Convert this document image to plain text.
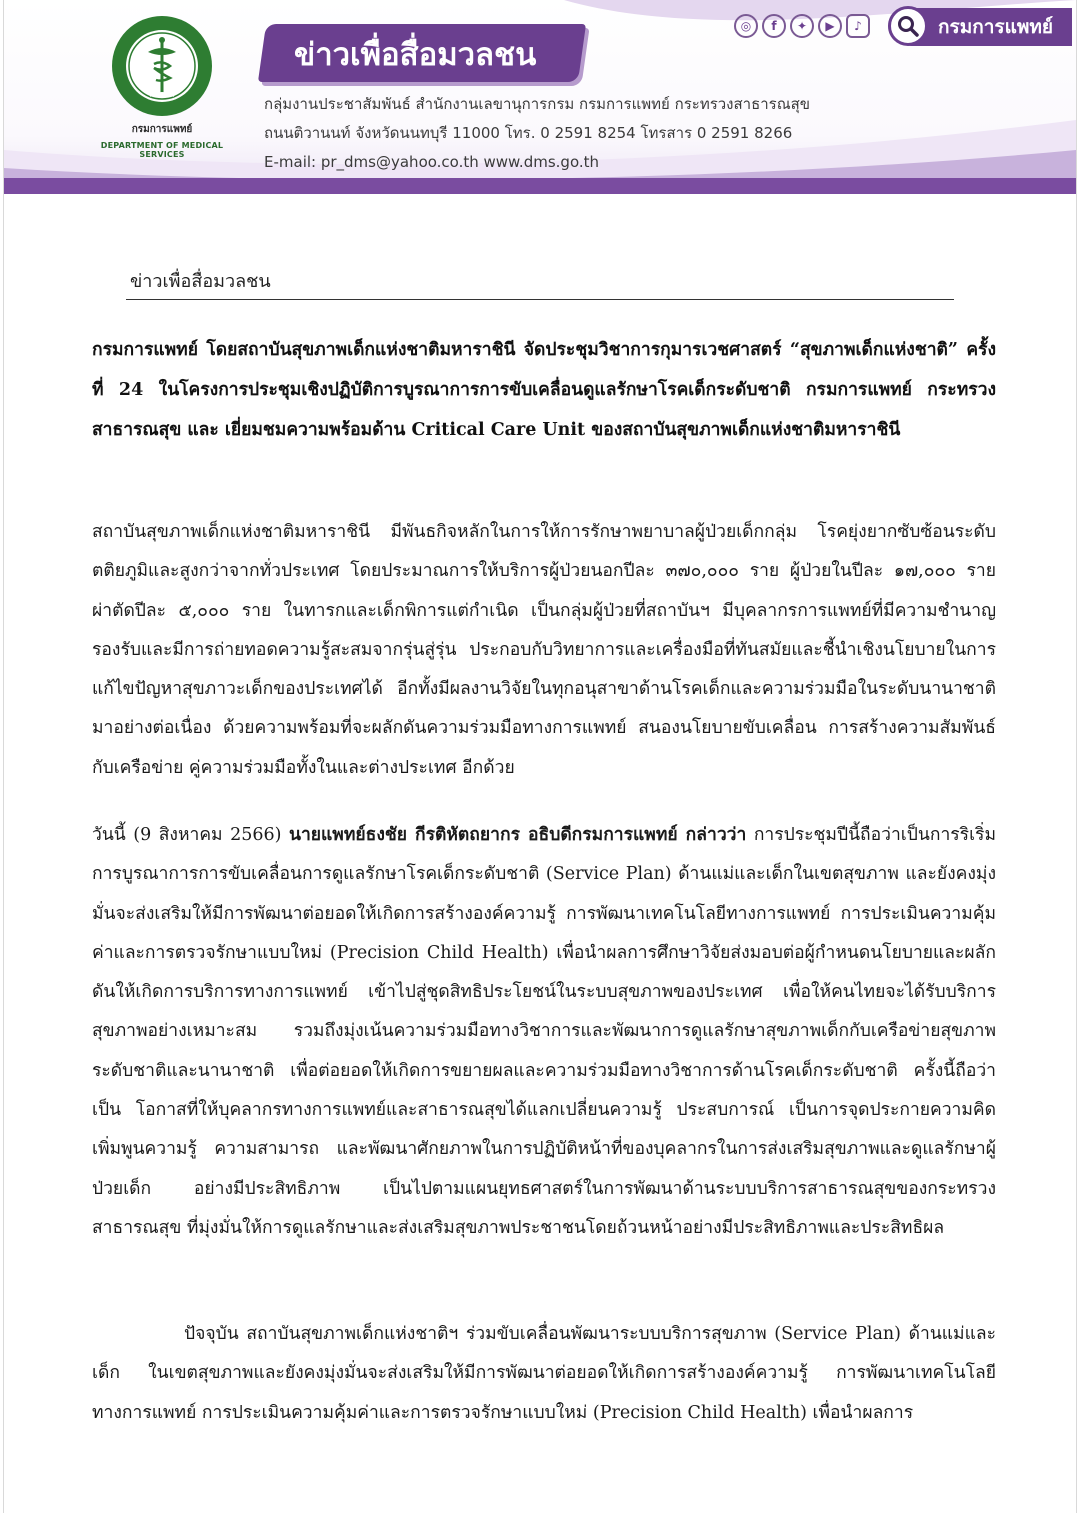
กรมการแพทย์
DEPARTMENT OF MEDICAL SERVICES
ข่าวเพื่อสื่อมวลชน
กลุ่มงานประชาสัมพันธ์ สำนักงานเลขานุการกรม กรมการแพทย์ กระทรวงสาธารณสุข
ถนนติวานนท์ จังหวัดนนทบุรี 11000 โทร. 0 2591 8254 โทรสาร 0 2591 8266
E-mail: pr_dms@yahoo.co.th www.dms.go.th
◎	f	✦	▶	♪	กรมการแพทย์
ข่าวเพื่อสื่อมวลชน
กรมการแพทย์ โดยสถาบันสุขภาพเด็กแห่งชาติมหาราชินี จัดประชุมวิชาการกุมารเวชศาสตร์ “สุขภาพเด็กแห่งชาติ” ครั้งที่ 24 ในโครงการประชุมเชิงปฏิบัติการบูรณาการการขับเคลื่อนดูแลรักษาโรคเด็กระดับชาติ กรมการแพทย์ กระทรวงสาธารณสุข และ เยี่ยมชมความพร้อมด้าน Critical Care Unit ของสถาบันสุขภาพเด็กแห่งชาติมหาราชินี
สถาบันสุขภาพเด็กแห่งชาติมหาราชินี มีพันธกิจหลักในการให้การรักษาพยาบาลผู้ป่วยเด็กกลุ่ม โรคยุ่งยากซับซ้อนระดับตติยภูมิและสูงกว่าจากทั่วประเทศ โดยประมาณการให้บริการผู้ป่วยนอกปีละ ๓๗๐,๐๐๐ ราย ผู้ป่วยในปีละ ๑๗,๐๐๐ ราย ผ่าตัดปีละ ๕,๐๐๐ ราย ในทารกและเด็กพิการแต่กำเนิด เป็นกลุ่มผู้ป่วยที่สถาบันฯ มีบุคลากรการแพทย์ที่มีความชำนาญรองรับและมีการถ่ายทอดความรู้สะสมจากรุ่นสู่รุ่น ประกอบกับวิทยาการและเครื่องมือที่ทันสมัยและชี้นำเชิงนโยบายในการแก้ไขปัญหาสุขภาวะเด็กของประเทศได้ อีกทั้งมีผลงานวิจัยในทุกอนุสาขาด้านโรคเด็กและความร่วมมือในระดับนานาชาติมาอย่างต่อเนื่อง ด้วยความพร้อมที่จะผลักดันความร่วมมือทางการแพทย์ สนองนโยบายขับเคลื่อน การสร้างความสัมพันธ์กับเครือข่าย คู่ความร่วมมือทั้งในและต่างประเทศ อีกด้วย
วันนี้ (9 สิงหาคม 2566) นายแพทย์ธงชัย กีรติหัตถยากร อธิบดีกรมการแพทย์ กล่าวว่า การประชุมปีนี้ถือว่าเป็นการริเริ่มการบูรณาการการขับเคลื่อนการดูแลรักษาโรคเด็กระดับชาติ (Service Plan) ด้านแม่และเด็กในเขตสุขภาพ และยังคงมุ่งมั่นจะส่งเสริมให้มีการพัฒนาต่อยอดให้เกิดการสร้างองค์ความรู้ การพัฒนาเทคโนโลยีทางการแพทย์ การประเมินความคุ้มค่าและการตรวจรักษาแบบใหม่ (Precision Child Health) เพื่อนำผลการศึกษาวิจัยส่งมอบต่อผู้กำหนดนโยบายและผลักดันให้เกิดการบริการทางการแพทย์ เข้าไปสู่ชุดสิทธิประโยชน์ในระบบสุขภาพของประเทศ เพื่อให้คนไทยจะได้รับบริการสุขภาพอย่างเหมาะสม รวมถึงมุ่งเน้นความร่วมมือทางวิชาการและพัฒนาการดูแลรักษาสุขภาพเด็กกับเครือข่ายสุขภาพระดับชาติและนานาชาติ เพื่อต่อยอดให้เกิดการขยายผลและความร่วมมือทางวิชาการด้านโรคเด็กระดับชาติ ครั้งนี้ถือว่าเป็น โอกาสที่ให้บุคลากรทางการแพทย์และสาธารณสุขได้แลกเปลี่ยนความรู้ ประสบการณ์ เป็นการจุดประกายความคิด เพิ่มพูนความรู้ ความสามารถ และพัฒนาศักยภาพในการปฏิบัติหน้าที่ของบุคลากรในการส่งเสริมสุขภาพและดูแลรักษาผู้ป่วยเด็ก อย่างมีประสิทธิภาพ เป็นไปตามแผนยุทธศาสตร์ในการพัฒนาด้านระบบบริการสาธารณสุขของกระทรวงสาธารณสุข ที่มุ่งมั่นให้การดูแลรักษาและส่งเสริมสุขภาพประชาชนโดยถ้วนหน้าอย่างมีประสิทธิภาพและประสิทธิผล
ปัจจุบัน สถาบันสุขภาพเด็กแห่งชาติฯ ร่วมขับเคลื่อนพัฒนาระบบบริการสุขภาพ (Service Plan) ด้านแม่และเด็ก ในเขตสุขภาพและยังคงมุ่งมั่นจะส่งเสริมให้มีการพัฒนาต่อยอดให้เกิดการสร้างองค์ความรู้ การพัฒนาเทคโนโลยีทางการแพทย์ การประเมินความคุ้มค่าและการตรวจรักษาแบบใหม่ (Precision Child Health) เพื่อนำผลการ
